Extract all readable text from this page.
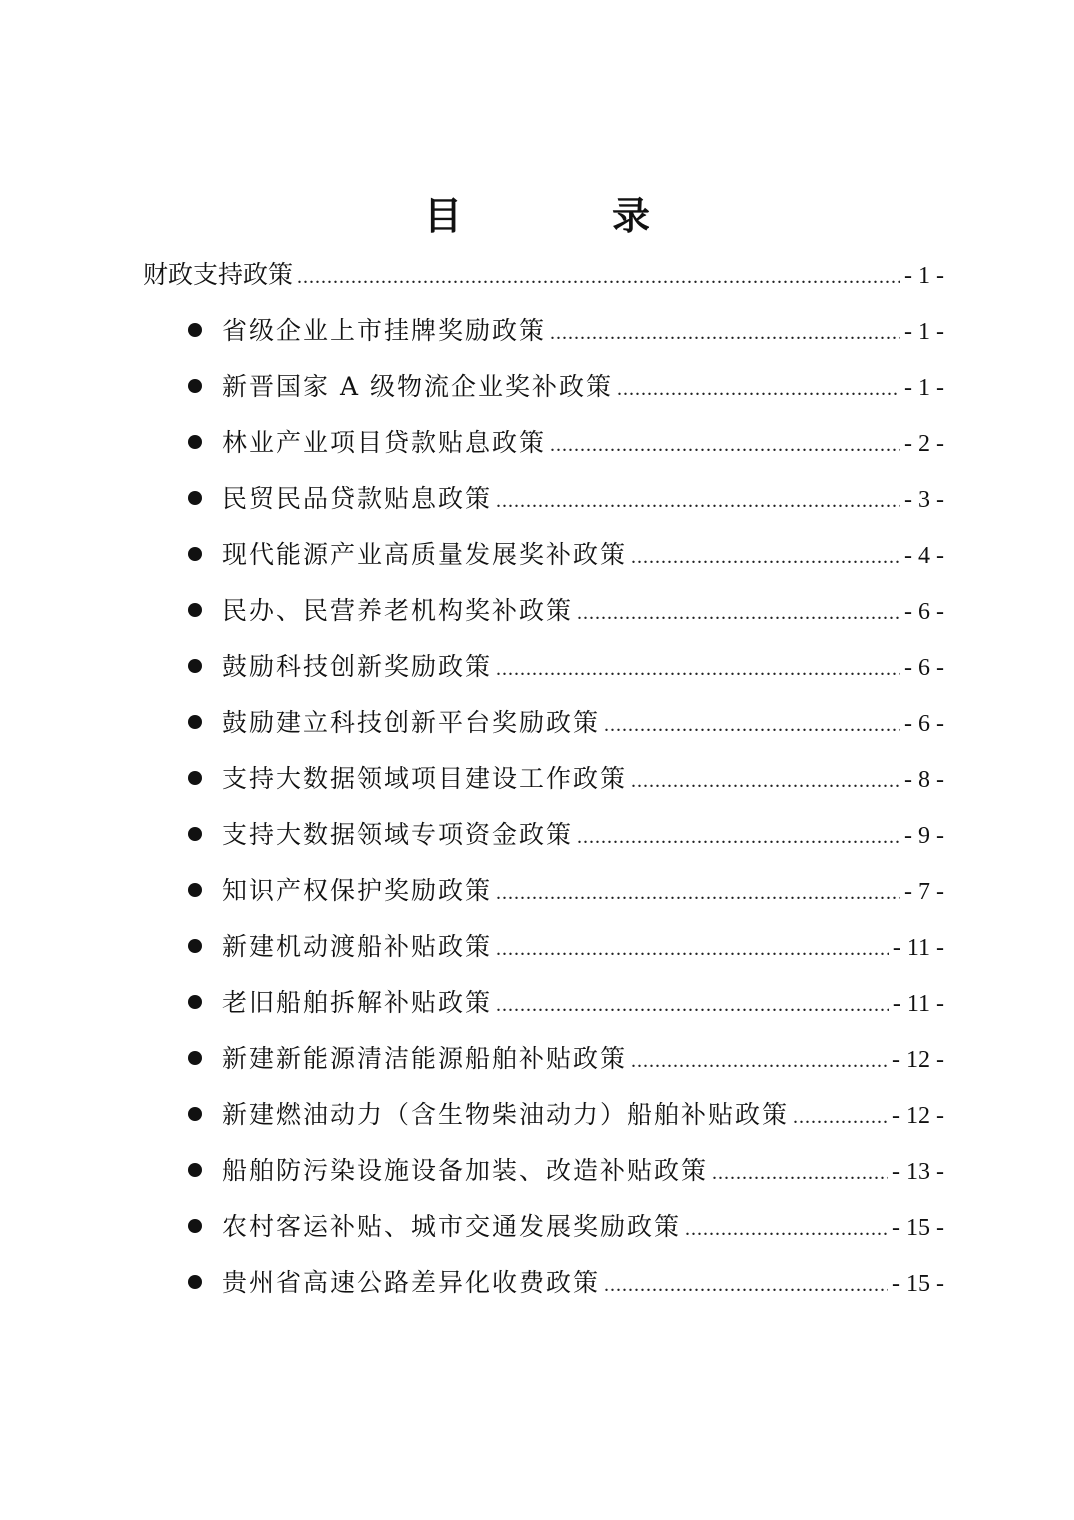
目　录
财政支持政策 . . .	- 1 -
省级企业上市挂牌奖励政策 . . .	- 1 -
新晋国家 A 级物流企业奖补政策 . . .	- 1 -
林业产业项目贷款贴息政策 . . .	- 2 -
民贸民品贷款贴息政策 . . .	- 3 -
现代能源产业高质量发展奖补政策 . . .	- 4 -
民办、民营养老机构奖补政策 . . .	- 6 -
鼓励科技创新奖励政策 . . .	- 6 -
鼓励建立科技创新平台奖励政策 . . .	- 6 -
支持大数据领域项目建设工作政策 . . .	- 8 -
支持大数据领域专项资金政策 . . .	- 9 -
知识产权保护奖励政策 . . .	- 7 -
新建机动渡船补贴政策 . . .	- 11 -
老旧船舶拆解补贴政策 . . .	- 11 -
新建新能源清洁能源船舶补贴政策 . . .	- 12 -
新建燃油动力（含生物柴油动力）船舶补贴政策 . . .	- 12 -
船舶防污染设施设备加装、改造补贴政策 . . .	- 13 -
农村客运补贴、城市交通发展奖励政策 . . .	- 15 -
贵州省高速公路差异化收费政策 . . .	- 15 -
